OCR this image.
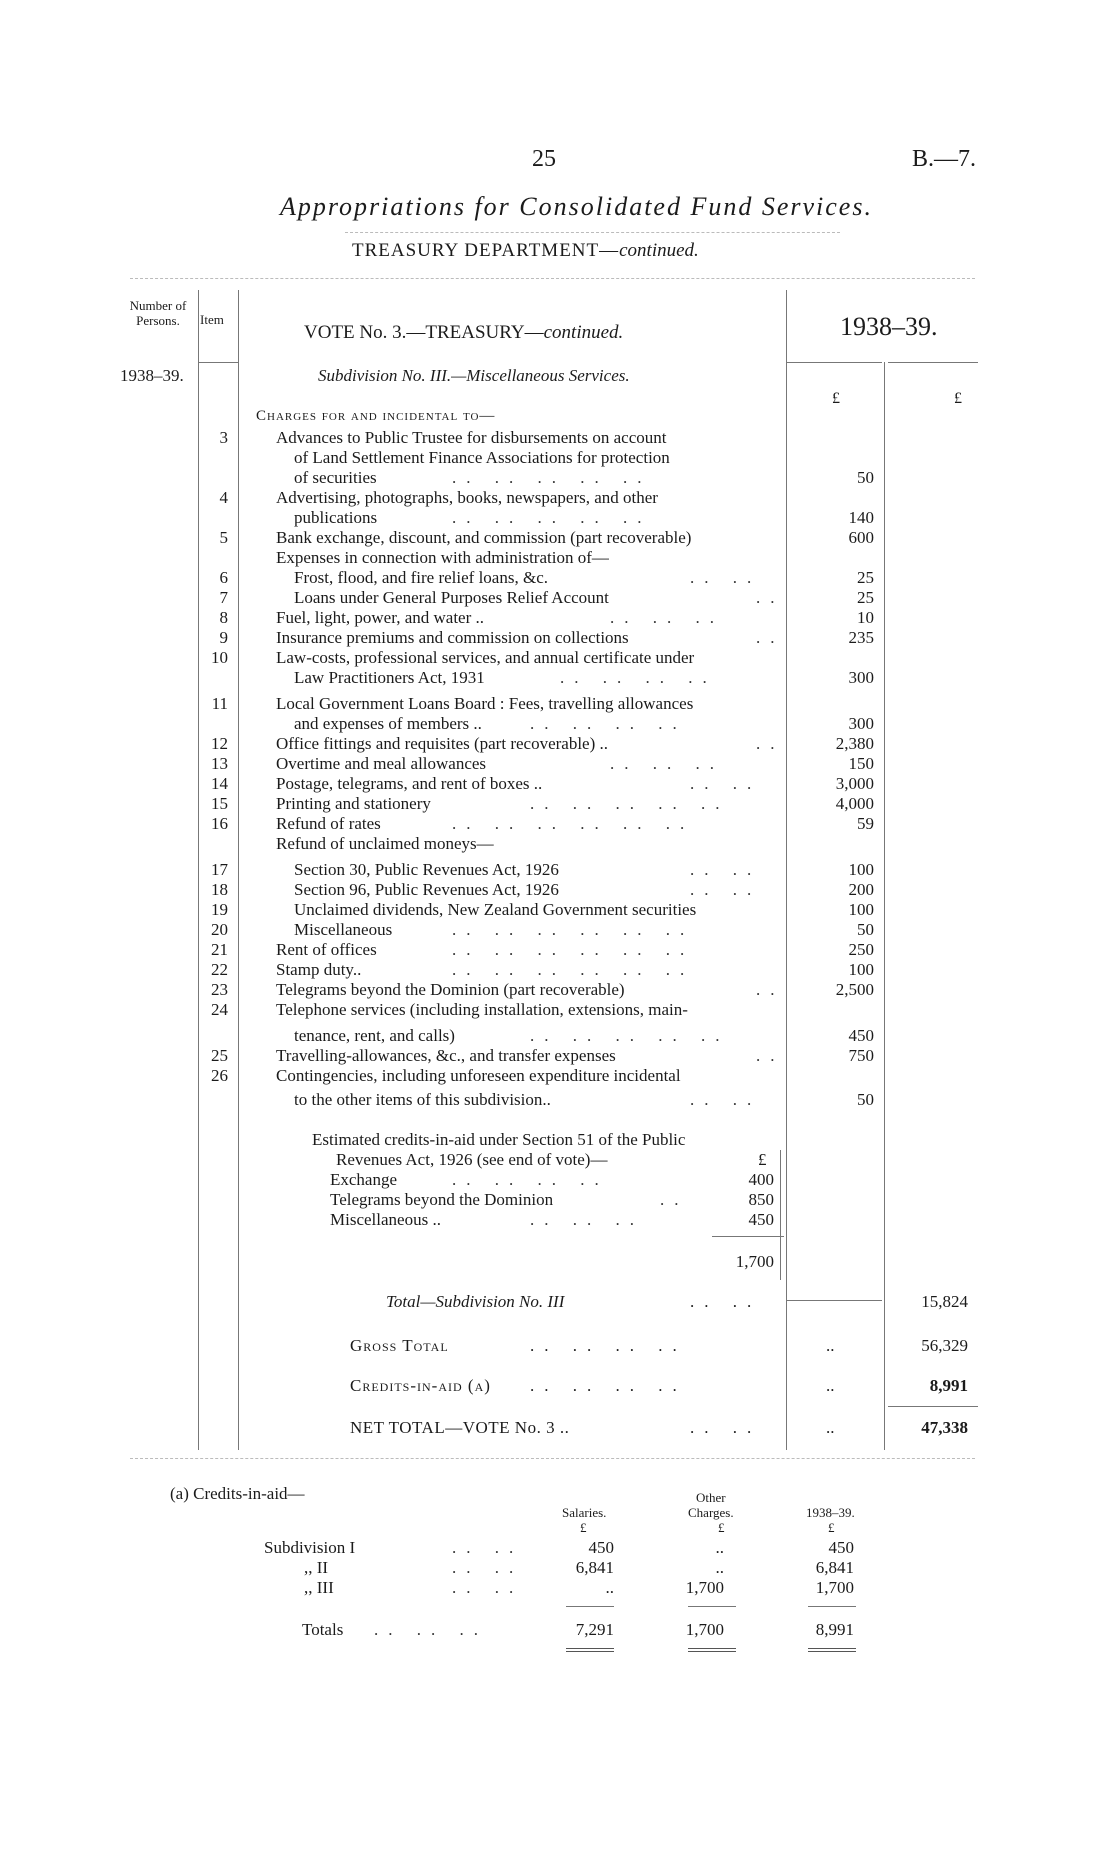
25	B.—7.
Appropriations for Consolidated Fund Services.
TREASURY DEPARTMENT—continued.
Number of
Persons.	Item
1938–39.
VOTE No. 3.—TREASURY—continued.	1938–39.
Subdivision No. III.—Miscellaneous Services.
£	£
Charges for and incidental to—
3	Advances to Public Trustee for disbursements on account
of Land Settlement Finance Associations for protection
of securities	.. .. .. .. ..	50
4	Advertising, photographs, books, newspapers, and other
publications	.. .. .. .. ..	140
5	Bank exchange, discount, and commission (part recoverable)	600
Expenses in connection with administration of—
6	Frost, flood, and fire relief loans, &c.	.. ..	25
7	Loans under General Purposes Relief Account	..	25
8	Fuel, light, power, and water ..	.. .. ..	10
9	Insurance premiums and commission on collections	..	235
10	Law-costs, professional services, and annual certificate under
Law Practitioners Act, 1931	.. .. .. ..	300
11	Local Government Loans Board : Fees, travelling allowances
and expenses of members ..	.. .. .. ..	300
12	Office fittings and requisites (part recoverable) ..	..	2,380
13	Overtime and meal allowances	.. .. ..	150
14	Postage, telegrams, and rent of boxes ..	.. ..	3,000
15	Printing and stationery	.. .. .. .. ..	4,000
16	Refund of rates	.. .. .. .. .. ..	59
Refund of unclaimed moneys—
17	Section 30, Public Revenues Act, 1926	.. ..	100
18	Section 96, Public Revenues Act, 1926	.. ..	200
19	Unclaimed dividends, New Zealand Government securities	100
20	Miscellaneous	.. .. .. .. .. ..	50
21	Rent of offices	.. .. .. .. .. ..	250
22	Stamp duty..	.. .. .. .. .. ..	100
23	Telegrams beyond the Dominion (part recoverable)	..	2,500
24	Telephone services (including installation, extensions, main-
tenance, rent, and calls)	.. .. .. .. ..	450
25	Travelling-allowances, &c., and transfer expenses	..	750
26	Contingencies, including unforeseen expenditure incidental
to the other items of this subdivision..	.. ..	50
Estimated credits-in-aid under Section 51 of the Public
Revenues Act, 1926 (see end of vote)—	£
Exchange	.. .. .. ..	400
Telegrams beyond the Dominion	..	850
Miscellaneous ..	.. .. ..	450
1,700
Total—Subdivision No. III	.. ..	15,824
Gross Total	.. .. .. ..	..	56,329
Credits-in-aid (a) .. .. .. ..	..	8,991
NET TOTAL—VOTE No. 3 ..	.. ..	..	47,338
(a) Credits-in-aid—	Other
Salaries.	Charges.	1938–39.
£	£	£
Subdivision I	.. ..	450	..	450
,, II	.. ..	6,841	..	6,841
,, III	.. ..	..	1,700	1,700
Totals .. .. ..	7,291	1,700	8,991
